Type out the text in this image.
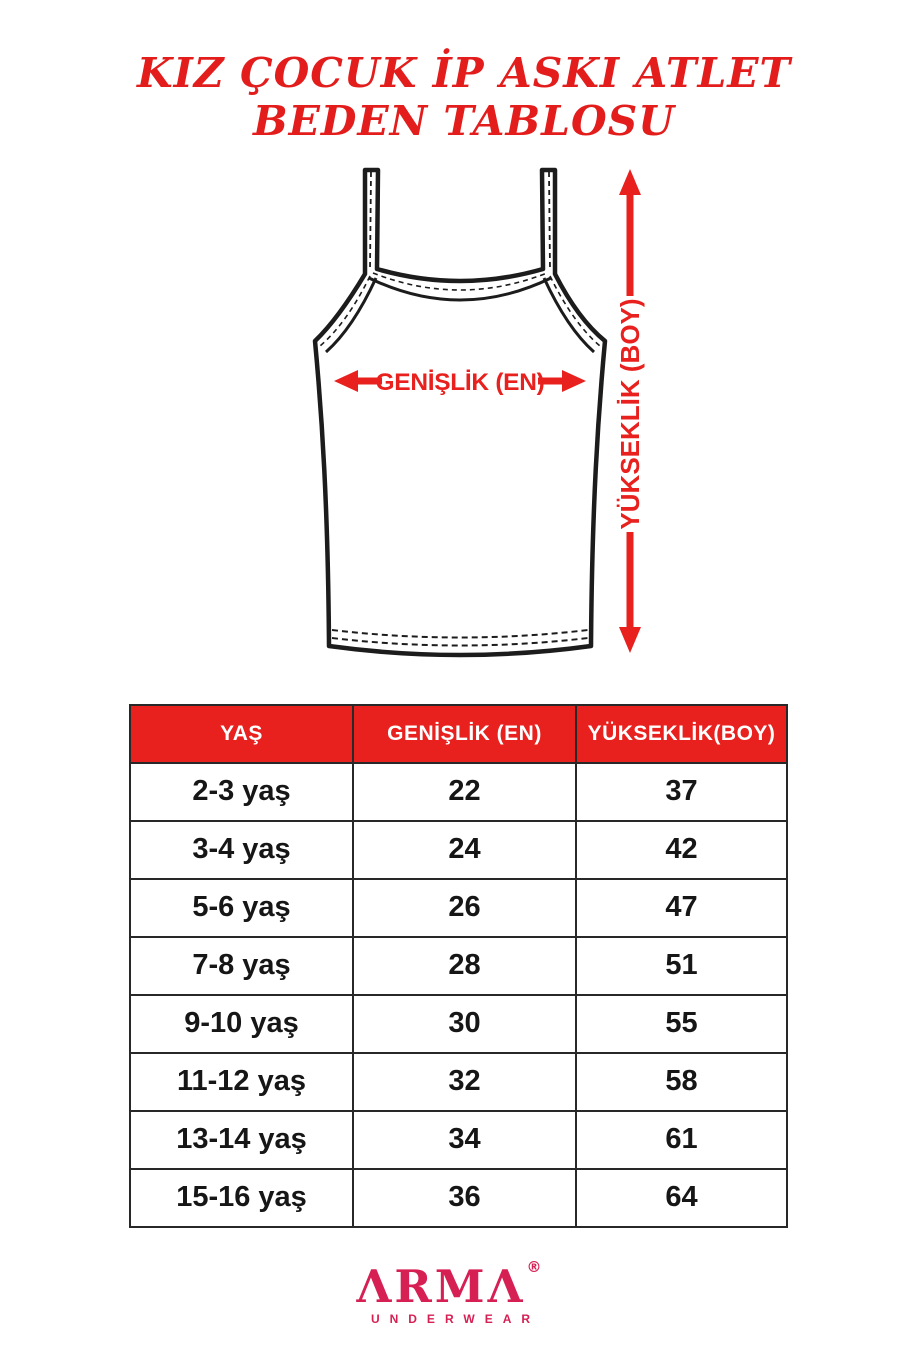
KIZ ÇOCUK İP ASKI ATLET
BEDEN TABLOSU
GENİŞLİK (EN)	YÜKSEKLİK (BOY)
YAŞ	GENİŞLİK (EN)	YÜKSEKLİK(BOY)
2-3 yaş	22	37
3-4 yaş	24	42
5-6 yaş	26	47
7-8 yaş	28	51
9-10 yaş	30	55
11-12 yaş	32	58
13-14 yaş	34	61
15-16 yaş	36	64
ΛRMΛ®
UNDERWEAR
